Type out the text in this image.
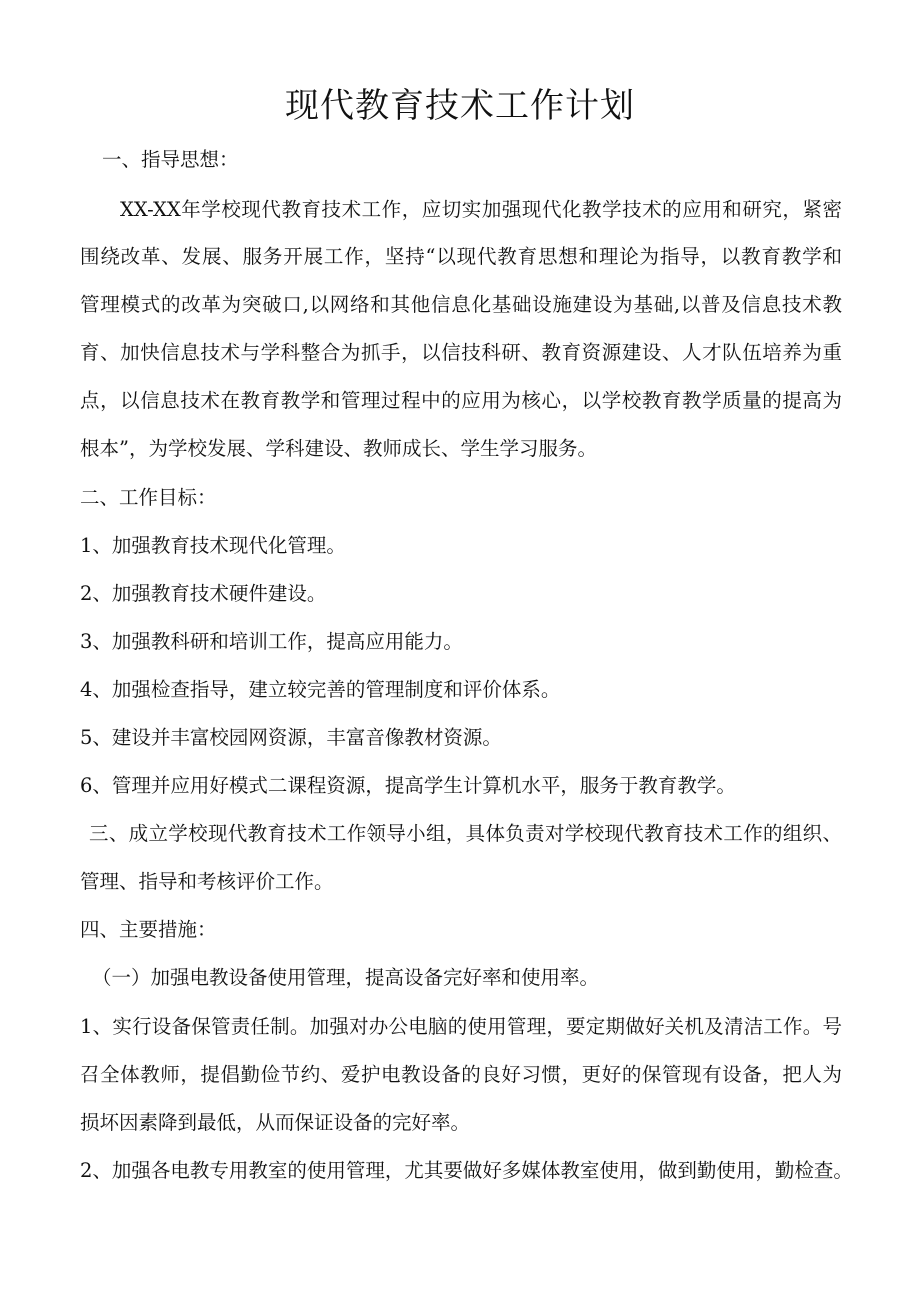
现代教育技术工作计划
一、指导思想：
XX-XX年学校现代教育技术工作，应切实加强现代化教学技术的应用和研究，紧密
围绕改革、发展、服务开展工作，坚持“以现代教育思想和理论为指导，以教育教学和
管理模式的改革为突破口,以网络和其他信息化基础设施建设为基础,以普及信息技术教
育、加快信息技术与学科整合为抓手，以信技科研、教育资源建设、人才队伍培养为重
点，以信息技术在教育教学和管理过程中的应用为核心，以学校教育教学质量的提高为
根本”，为学校发展、学科建设、教师成长、学生学习服务。
二、工作目标：
1、加强教育技术现代化管理。
2、加强教育技术硬件建设。
3、加强教科研和培训工作，提高应用能力。
4、加强检查指导，建立较完善的管理制度和评价体系。
5、建设并丰富校园网资源，丰富音像教材资源。
6、管理并应用好模式二课程资源，提高学生计算机水平，服务于教育教学。
三、成立学校现代教育技术工作领导小组，具体负责对学校现代教育技术工作的组织、
管理、指导和考核评价工作。
四、主要措施：
（一）加强电教设备使用管理，提高设备完好率和使用率。
1、实行设备保管责任制。加强对办公电脑的使用管理，要定期做好关机及清洁工作。号
召全体教师，提倡勤俭节约、爱护电教设备的良好习惯，更好的保管现有设备，把人为
损坏因素降到最低，从而保证设备的完好率。
2、加强各电教专用教室的使用管理，尤其要做好多媒体教室使用，做到勤使用，勤检查。
